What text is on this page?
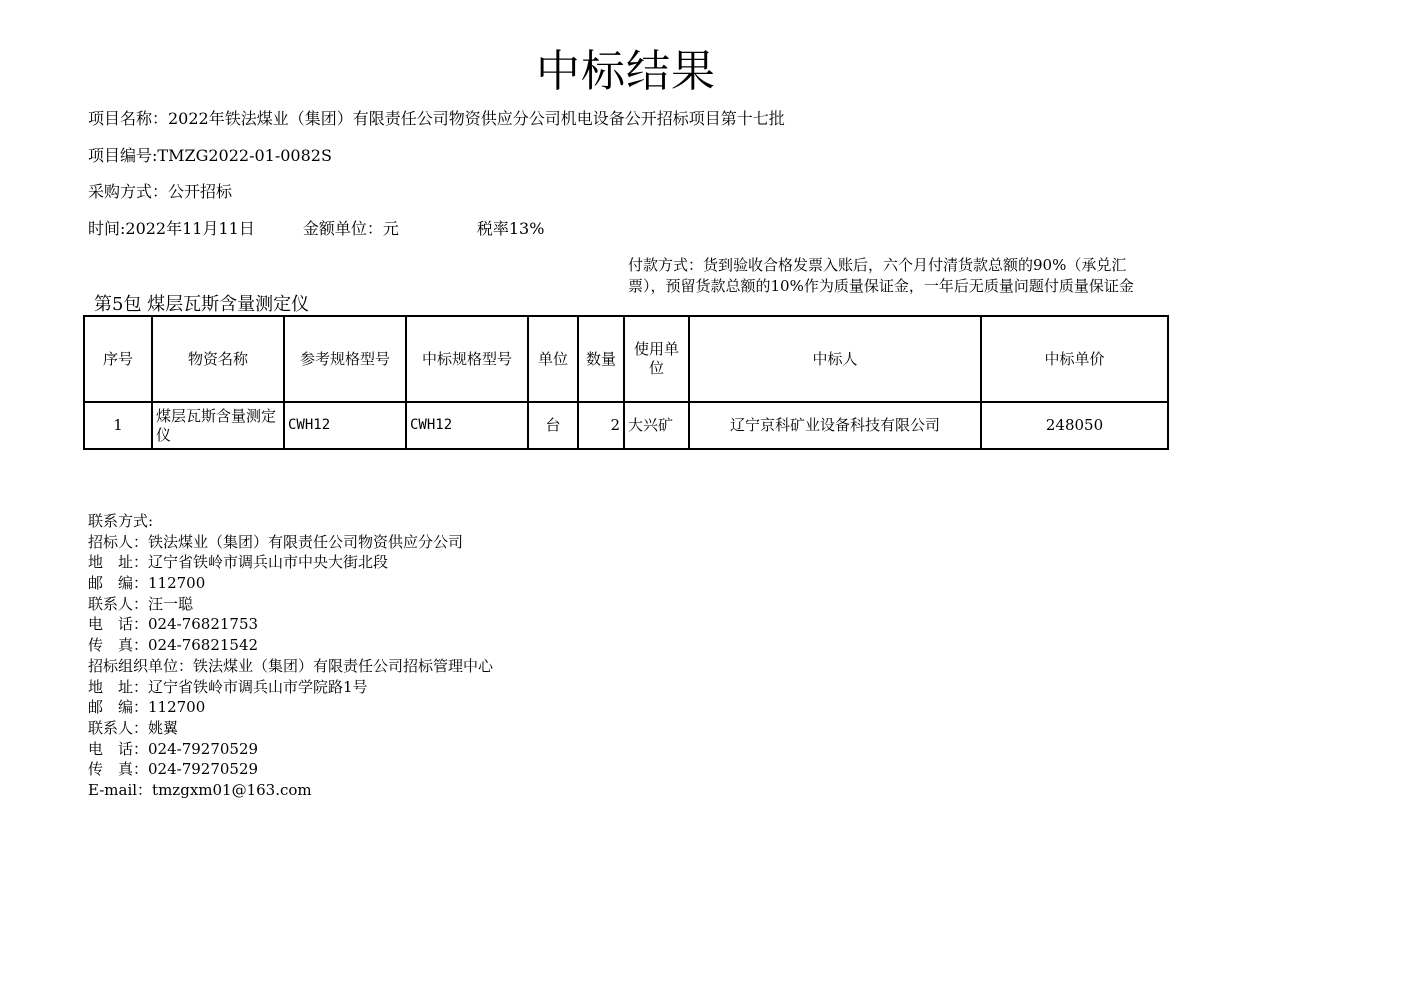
中标结果
项目名称：2022年铁法煤业（集团）有限责任公司物资供应分公司机电设备公开招标项目第十七批
项目编号:TMZG2022-01-0082S
采购方式：公开招标
时间:2022年11月11日	金额单位：元	税率13%
付款方式：货到验收合格发票入账后，六个月付清货款总额的90%（承兑汇票），预留货款总额的10%作为质量保证金，一年后无质量问题付质量保证金
第5包 煤层瓦斯含量测定仪
序号	物资名称	参考规格型号	中标规格型号	单位	数量	使用单位	中标人	中标单价
1	煤层瓦斯含量测定仪	CWH12	CWH12	台	2	大兴矿	辽宁京科矿业设备科技有限公司	248050
联系方式:
招标人：铁法煤业（集团）有限责任公司物资供应分公司
地　址：辽宁省铁岭市调兵山市中央大街北段
邮　编：112700
联系人：汪一聪
电　话：024-76821753
传　真：024-76821542
招标组织单位：铁法煤业（集团）有限责任公司招标管理中心
地　址：辽宁省铁岭市调兵山市学院路1号
邮　编：112700
联系人：姚翼
电　话：024-79270529
传　真：024-79270529
E-mail：tmzgxm01@163.com
